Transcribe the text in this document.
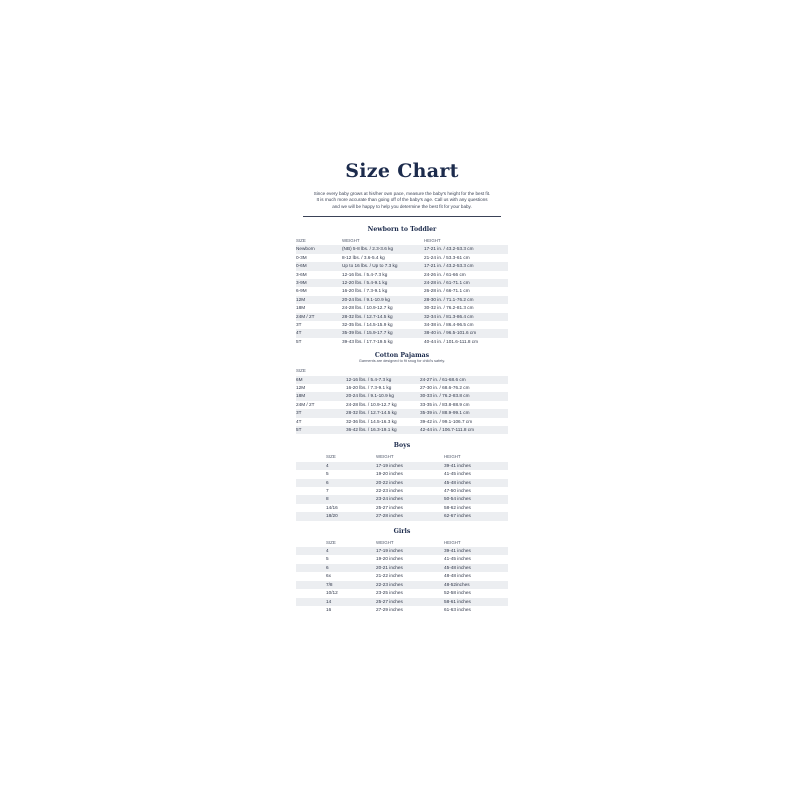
Size Chart
Since every baby grows at his/her own pace, measure the baby's height for the best fit.
It is much more accurate than going off of the baby's age. Call us with any questions
and we will be happy to help you determine the best fit for your baby.
Newborn to Toddler
SIZE	WEIGHT	HEIGHT
Newborn	(NB) 5-8 lbs. / 2.3-3.6 kg	17-21 in. / 43.2-53.3 cm
0-3M	8-12 lbs. / 3.6-5.4 kg	21-24 in. / 53.3-61 cm
0-6M	Up to 16 lbs. / Up to 7.3 kg	17-21 in. / 43.2-53.3 cm
3-6M	12-16 lbs. / 5.4-7.3 kg	24-26 in. / 61-66 cm
3-9M	12-20 lbs. / 5.4-9.1 kg	24-28 in. / 61-71.1 cm
6-9M	16-20 lbs. / 7.3-9.1 kg	26-28 in. / 66-71.1 cm
12M	20-24 lbs. / 9.1-10.9 kg	28-30 in. / 71.1-76.2 cm
18M	24-28 lbs. / 10.9-12.7 kg	30-32 in. / 76.2-81.3 cm
24M / 2T	28-32 lbs. / 12.7-14.5 kg	32-34 in. / 81.3-86.4 cm
3T	32-35 lbs. / 14.5-15.9 kg	34-38 in. / 86.4-96.5 cm
4T	35-39 lbs. / 15.9-17.7 kg	38-40 in. / 96.5-101.6 cm
5T	39-43 lbs. / 17.7-19.5 kg	40-44 in. / 101.6-111.8 cm
Cotton Pajamas
Garments are designed to fit snug for child's safety.
SIZE
6M	12-16 lbs. / 5.4-7.3 kg	24-27 in. / 61-68.6 cm
12M	16-20 lbs. / 7.3-9.1 kg	27-30 in. / 68.6-76.2 cm
18M	20-24 lbs. / 9.1-10.9 kg	30-33 in. / 76.2-83.8 cm
24M / 2T	24-28 lbs. / 10.9-12.7 kg	33-35 in. / 83.8-88.9 cm
3T	28-32 lbs. / 12.7-14.5 kg	35-39 in. / 88.9-99.1 cm
4T	32-36 lbs. / 14.5-16.3 kg	39-42 in. / 99.1-106.7 cm
5T	36-42 lbs. / 16.3-19.1 kg	42-44 in. / 106.7-111.8 cm
Boys
SIZE	WEIGHT	HEIGHT
4	17-19 inches	39-41 inches
5	19-20 inches	41-45 inches
6	20-22 inches	45-48 inches
7	22-23 inches	47-50 inches
8	23-24 inches	50-54 inches
14/16	25-27 inches	58-62 inches
18/20	27-28 inches	62-67 inches
Girls
SIZE	WEIGHT	HEIGHT
4	17-19 inches	39-41 inches
5	19-20 inches	41-45 inches
6	20-21 inches	45-48 inches
6x	21-22 inches	48-48 inches
7/8	22-23 inches	48-52inches
10/12	23-25 inches	52-58 inches
14	25-27 inches	58-61 inches
16	27-29 inches	61-63 inches
